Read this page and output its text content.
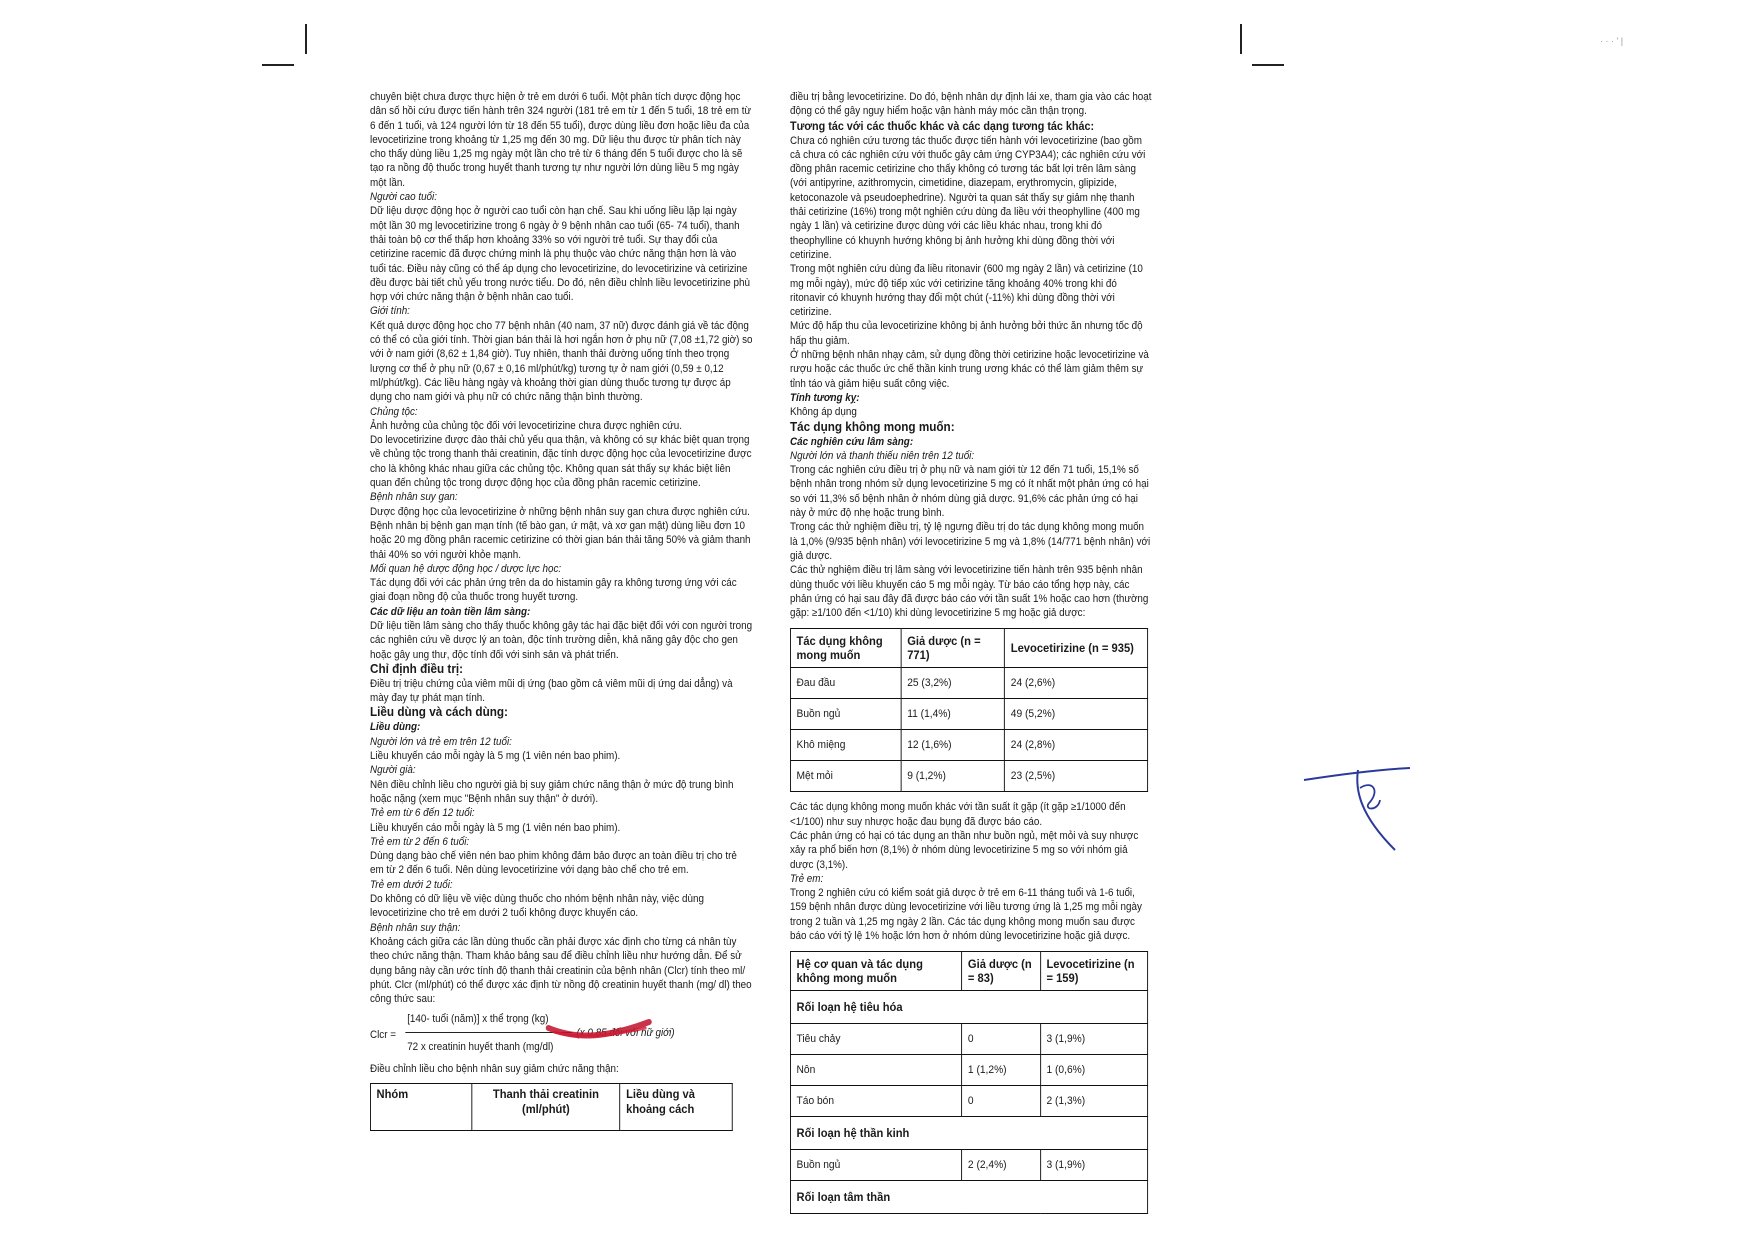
chuyên biệt chưa được thực hiện ở trẻ em dưới 6 tuổi. Một phân tích dược động học dân số hồi cứu được tiến hành trên 324 người (181 trẻ em từ 1 đến 5 tuổi, 18 trẻ em từ 6 đến 1 tuổi, và 124 người lớn từ 18 đến 55 tuổi), được dùng liều đơn hoặc liều đa của levocetirizine trong khoảng từ 1,25 mg đến 30 mg. Dữ liệu thu được từ phân tích này cho thấy dùng liều 1,25 mg ngày một lần cho trẻ từ 6 tháng đến 5 tuổi được cho là sẽ tạo ra nồng độ thuốc trong huyết thanh tương tự như người lớn dùng liều 5 mg ngày một lần.

Người cao tuổi:

Dữ liệu dược động học ở người cao tuổi còn hạn chế. Sau khi uống liều lặp lại ngày một lần 30 mg levocetirizine trong 6 ngày ở 9 bệnh nhân cao tuổi (65- 74 tuổi), thanh thải toàn bộ cơ thể thấp hơn khoảng 33% so với người trẻ tuổi. Sự thay đổi của cetirizine racemic đã được chứng minh là phụ thuộc vào chức năng thận hơn là vào tuổi tác. Điều này cũng có thể áp dụng cho levocetirizine, do levocetirizine và cetirizine đều được bài tiết chủ yếu trong nước tiểu. Do đó, nên điều chỉnh liều levocetirizine phù hợp với chức năng thận ở bệnh nhân cao tuổi.

Giới tính:

Kết quả dược động học cho 77 bệnh nhân (40 nam, 37 nữ) được đánh giá về tác động có thể có của giới tính. Thời gian bán thải là hơi ngắn hơn ở phụ nữ (7,08 ±1,72 giờ) so với ở nam giới (8,62 ± 1,84 giờ). Tuy nhiên, thanh thải đường uống tính theo trọng lượng cơ thể ở phụ nữ (0,67 ± 0,16 ml/phút/kg) tương tự ở nam giới (0,59 ± 0,12 ml/phút/kg). Các liều hàng ngày và khoảng thời gian dùng thuốc tương tự được áp dụng cho nam giới và phụ nữ có chức năng thận bình thường.

Chủng tộc:

Ảnh hưởng của chủng tộc đối với levocetirizine chưa được nghiên cứu.

Do levocetirizine được đào thải chủ yếu qua thận, và không có sự khác biệt quan trọng về chủng tộc trong thanh thải creatinin, đặc tính dược động học của levocetirizine được cho là không khác nhau giữa các chủng tộc. Không quan sát thấy sự khác biệt liên quan đến chủng tộc trong dược động học của đồng phân racemic cetirizine.

Bệnh nhân suy gan:

Dược động học của levocetirizine ở những bệnh nhân suy gan chưa được nghiên cứu. Bệnh nhân bị bệnh gan mạn tính (tế bào gan, ứ mật, và xơ gan mật) dùng liều đơn 10 hoặc 20 mg đồng phân racemic cetirizine có thời gian bán thải tăng 50% và giảm thanh thải 40% so với người khỏe mạnh.

Mối quan hệ dược động học / dược lực học:

Tác dụng đối với các phản ứng trên da do histamin gây ra không tương ứng với các giai đoạn nồng độ của thuốc trong huyết tương.

Các dữ liệu an toàn tiền lâm sàng:

Dữ liệu tiền lâm sàng cho thấy thuốc không gây tác hại đặc biệt đối với con người trong các nghiên cứu về dược lý an toàn, độc tính trường diễn, khả năng gây độc cho gen hoặc gây ung thư, độc tính đối với sinh sản và phát triển.

Chỉ định điều trị:

Điều trị triệu chứng của viêm mũi dị ứng (bao gồm cả viêm mũi dị ứng dai dẳng) và mày đay tự phát mạn tính.

Liều dùng và cách dùng:

Liều dùng:

Người lớn và trẻ em trên 12 tuổi:

Liều khuyến cáo mỗi ngày là 5 mg (1 viên nén bao phim).

Người già:

Nên điều chỉnh liều cho người già bị suy giảm chức năng thận ở mức độ trung bình hoặc nặng (xem mục "Bệnh nhân suy thận" ở dưới).

Trẻ em từ 6 đến 12 tuổi:

Liều khuyến cáo mỗi ngày là 5 mg (1 viên nén bao phim).

Trẻ em từ 2 đến 6 tuổi:

Dùng dạng bào chế viên nén bao phim không đảm bảo được an toàn điều trị cho trẻ em từ 2 đến 6 tuổi. Nên dùng levocetirizine với dạng bào chế cho trẻ em.

Trẻ em dưới 2 tuổi:

Do không có dữ liệu về việc dùng thuốc cho nhóm bệnh nhân này, việc dùng levocetirizine cho trẻ em dưới 2 tuổi không được khuyến cáo.

Bệnh nhân suy thận:

Khoảng cách giữa các lần dùng thuốc cần phải được xác định cho từng cá nhân tùy theo chức năng thận. Tham khảo bảng sau để điều chỉnh liều như hướng dẫn. Để sử dụng bảng này cần ước tính độ thanh thải creatinin của bệnh nhân (Clcr) tính theo ml/ phút. Clcr (ml/phút) có thể được xác định từ nồng độ creatinin huyết thanh (mg/ dl) theo công thức sau:

Clcr =
[140- tuổi (năm)] x thể trọng (kg)
72 x creatinin huyết thanh (mg/dl)
(x 0,85 đối với nữ giới)

Điều chỉnh liều cho bệnh nhân suy giảm chức năng thận:

Nhóm	Thanh thải creatinin (ml/phút)	Liều dùng và khoảng cách

điều trị bằng levocetirizine. Do đó, bệnh nhân dự định lái xe, tham gia vào các hoạt động có thể gây nguy hiểm hoặc vận hành máy móc cần thận trọng.

Tương tác với các thuốc khác và các dạng tương tác khác:

Chưa có nghiên cứu tương tác thuốc được tiến hành với levocetirizine (bao gồm cả chưa có các nghiên cứu với thuốc gây cảm ứng CYP3A4); các nghiên cứu với đồng phân racemic cetirizine cho thấy không có tương tác bất lợi trên lâm sàng (với antipyrine, azithromycin, cimetidine, diazepam, erythromycin, glipizide, ketoconazole và pseudoephedrine). Người ta quan sát thấy sự giảm nhẹ thanh thải cetirizine (16%) trong một nghiên cứu dùng đa liều với theophylline (400 mg ngày 1 lần) và cetirizine được dùng với các liều khác nhau, trong khi đó theophylline có khuynh hướng không bị ảnh hưởng khi dùng đồng thời với cetirizine.

Trong một nghiên cứu dùng đa liều ritonavir (600 mg ngày 2 lần) và cetirizine (10 mg mỗi ngày), mức độ tiếp xúc với cetirizine tăng khoảng 40% trong khi đó ritonavir có khuynh hướng thay đổi một chút (-11%) khi dùng đồng thời với cetirizine.

Mức độ hấp thu của levocetirizine không bị ảnh hưởng bởi thức ăn nhưng tốc độ hấp thu giảm.

Ở những bệnh nhân nhạy cảm, sử dụng đồng thời cetirizine hoặc levocetirizine và rượu hoặc các thuốc ức chế thần kinh trung ương khác có thể làm giảm thêm sự tỉnh táo và giảm hiệu suất công việc.

Tính tương kỵ:

Không áp dụng

Tác dụng không mong muốn:

Các nghiên cứu lâm sàng:

Người lớn và thanh thiếu niên trên 12 tuổi:

Trong các nghiên cứu điều trị ở phụ nữ và nam giới từ 12 đến 71 tuổi, 15,1% số bệnh nhân trong nhóm sử dụng levocetirizine 5 mg có ít nhất một phản ứng có hại so với 11,3% số bệnh nhân ở nhóm dùng giả dược. 91,6% các phản ứng có hại này ở mức độ nhẹ hoặc trung bình.

Trong các thử nghiệm điều trị, tỷ lệ ngưng điều trị do tác dụng không mong muốn là 1,0% (9/935 bệnh nhân) với levocetirizine 5 mg và 1,8% (14/771 bệnh nhân) với giả dược.

Các thử nghiệm điều trị lâm sàng với levocetirizine tiến hành trên 935 bệnh nhân dùng thuốc với liều khuyến cáo 5 mg mỗi ngày. Từ báo cáo tổng hợp này, các phản ứng có hại sau đây đã được báo cáo với tần suất 1% hoặc cao hơn (thường gặp: ≥1/100 đến <1/10) khi dùng levocetirizine 5 mg hoặc giả dược:

Tác dụng không mong muốn	Giả dược (n = 771)	Levocetirizine (n = 935)
Đau đầu	25 (3,2%)	24 (2,6%)
Buồn ngủ	11 (1,4%)	49 (5,2%)
Khô miệng	12 (1,6%)	24 (2,8%)
Mệt mỏi	9 (1,2%)	23 (2,5%)

Các tác dụng không mong muốn khác với tần suất ít gặp (ít gặp ≥1/1000 đến <1/100) như suy nhược hoặc đau bụng đã được báo cáo.

Các phản ứng có hại có tác dụng an thần như buồn ngủ, mệt mỏi và suy nhược xảy ra phổ biến hơn (8,1%) ở nhóm dùng levocetirizine 5 mg so với nhóm giả dược (3,1%).

Trẻ em:

Trong 2 nghiên cứu có kiểm soát giả dược ở trẻ em 6-11 tháng tuổi và 1-6 tuổi, 159 bệnh nhân được dùng levocetirizine với liều tương ứng là 1,25 mg mỗi ngày trong 2 tuần và 1,25 mg ngày 2 lần. Các tác dụng không mong muốn sau được báo cáo với tỷ lệ 1% hoặc lớn hơn ở nhóm dùng levocetirizine hoặc giả dược.

Hệ cơ quan và tác dụng không mong muốn	Giả dược (n = 83)	Levocetirizine (n = 159)
Rối loạn hệ tiêu hóa		
Tiêu chảy	0	3 (1,9%)
Nôn	1 (1,2%)	1 (0,6%)
Táo bón	0	2 (1,3%)
Rối loạn hệ thần kinh		
Buồn ngủ	2 (2,4%)	3 (1,9%)
Rối loạn tâm thần		
· · · ' |
